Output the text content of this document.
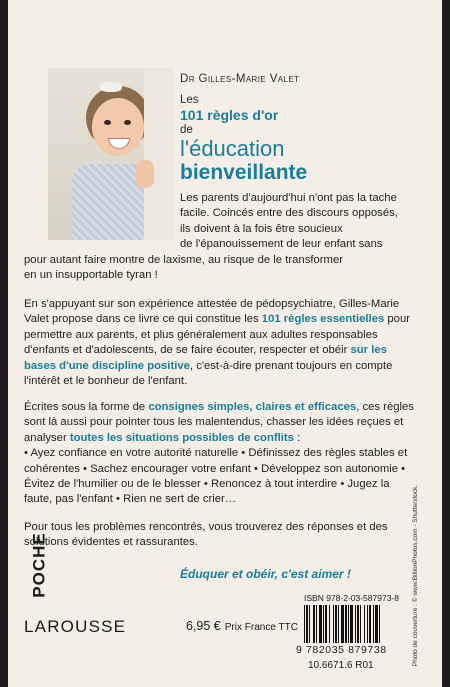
Dr Gilles-Marie Valet
Les
101 règles d'or
de
l'éducation
bienveillante

Les parents d'aujourd'hui n'ont pas la tache
facile. Coincés entre des discours opposés,
ils doivent à la fois être soucieux
de l'épanouissement de leur enfant sans
pour autant faire montre de laxisme, au risque de le transformer
en un insupportable tyran !

En s'appuyant sur son expérience attestée de pédopsychiatre, Gilles-Marie Valet propose dans ce livre ce qui constitue les 101 règles essentielles pour permettre aux parents, et plus généralement aux adultes responsables d'enfants et d'adolescents, de se faire écouter, respecter et obéir sur les bases d'une discipline positive, c'est-à-dire prenant toujours en compte l'intérêt et le bonheur de l'enfant.

Écrites sous la forme de consignes simples, claires et efficaces, ces règles sont là aussi pour pointer tous les malentendus, chasser les idées reçues et analyser toutes les situations possibles de conflits :
• Ayez confiance en votre autorité naturelle • Définissez des règles stables et cohérentes • Sachez encourager votre enfant • Développez son autonomie • Évitez de l'humilier ou de le blesser • Renoncez à tout interdire • Jugez la faute, pas l'enfant • Rien ne sert de crier…

Pour tous les problèmes rencontrés, vous trouverez des réponses et des solutions évidentes et rassurantes.

Éduquer et obéir, c'est aimer !
POCHE
LAROUSSE	6,95 € Prix France TTC	Photo de couverture : © www.BillionPhotos.com - Shutterstock.
ISBN 978-2-03-587973-8
9 782035 879738
10.6671.6 R01
